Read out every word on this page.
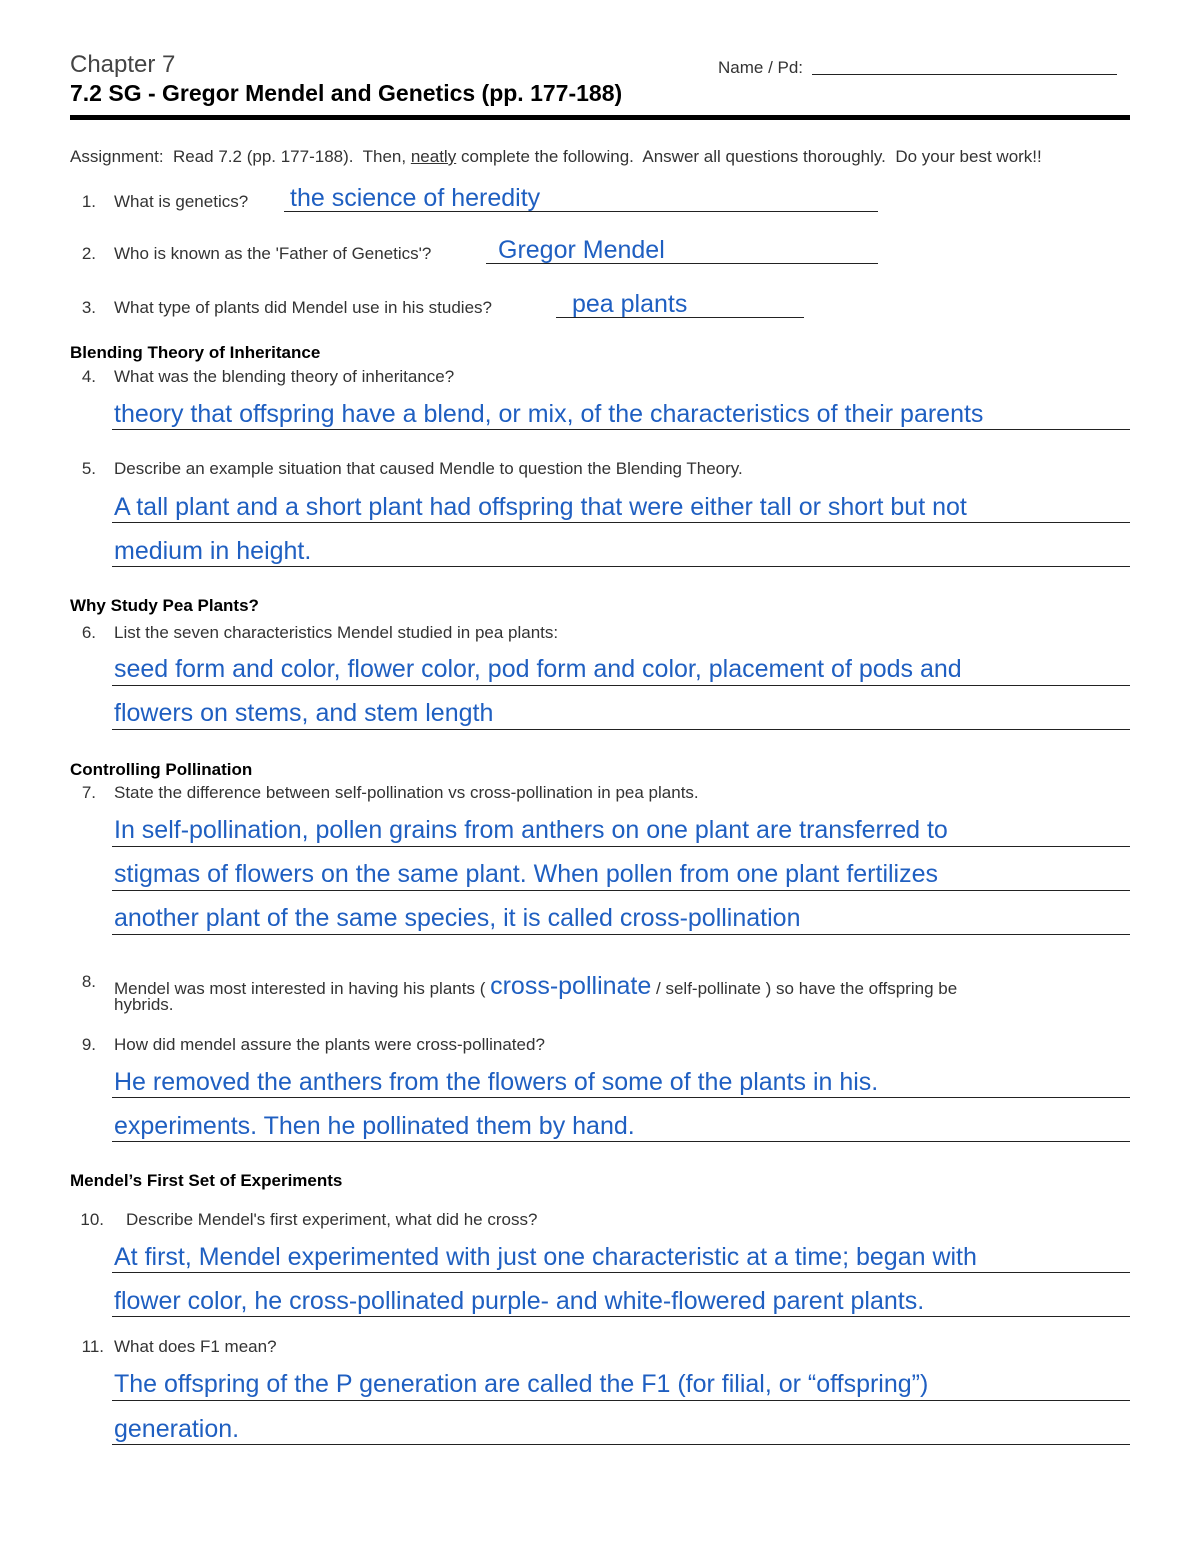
Chapter 7
7.2 SG - Gregor Mendel and Genetics (pp. 177-188)
Name / Pd:
Assignment:  Read 7.2 (pp. 177-188).  Then, neatly complete the following.  Answer all questions thoroughly.  Do your best work!!
1. What is genetics? the science of heredity
2. Who is known as the 'Father of Genetics'?	Gregor Mendel
3. What type of plants did Mendel use in his studies?	pea plants
Blending Theory of Inheritance
4. What was the blending theory of inheritance?
theory that offspring have a blend, or mix, of the characteristics of their parents
5. Describe an example situation that caused Mendle to question the Blending Theory.
A tall plant and a short plant had offspring that were either tall or short but not
medium in height.
Why Study Pea Plants?
6. List the seven characteristics Mendel studied in pea plants:
seed form and color, flower color, pod form and color, placement of pods and
flowers on stems, and stem length
Controlling Pollination
7. State the difference between self-pollination vs cross-pollination in pea plants.
In self-pollination, pollen grains from anthers on one plant are transferred to
stigmas of flowers on the same plant. When pollen from one plant fertilizes
another plant of the same species, it is called cross-pollination
8. Mendel was most interested in having his plants ( cross-pollinate / self-pollinate ) so have the offspring be
hybrids.
9. How did mendel assure the plants were cross-pollinated?
He removed the anthers from the flowers of some of the plants in his.
experiments. Then he pollinated them by hand.
Mendel’s First Set of Experiments
10. Describe Mendel's first experiment, what did he cross?
At first, Mendel experimented with just one characteristic at a time; began with
flower color, he cross-pollinated purple- and white-flowered parent plants.
11. What does F1 mean?
The offspring of the P generation are called the F1 (for filial, or “offspring”)
generation.
